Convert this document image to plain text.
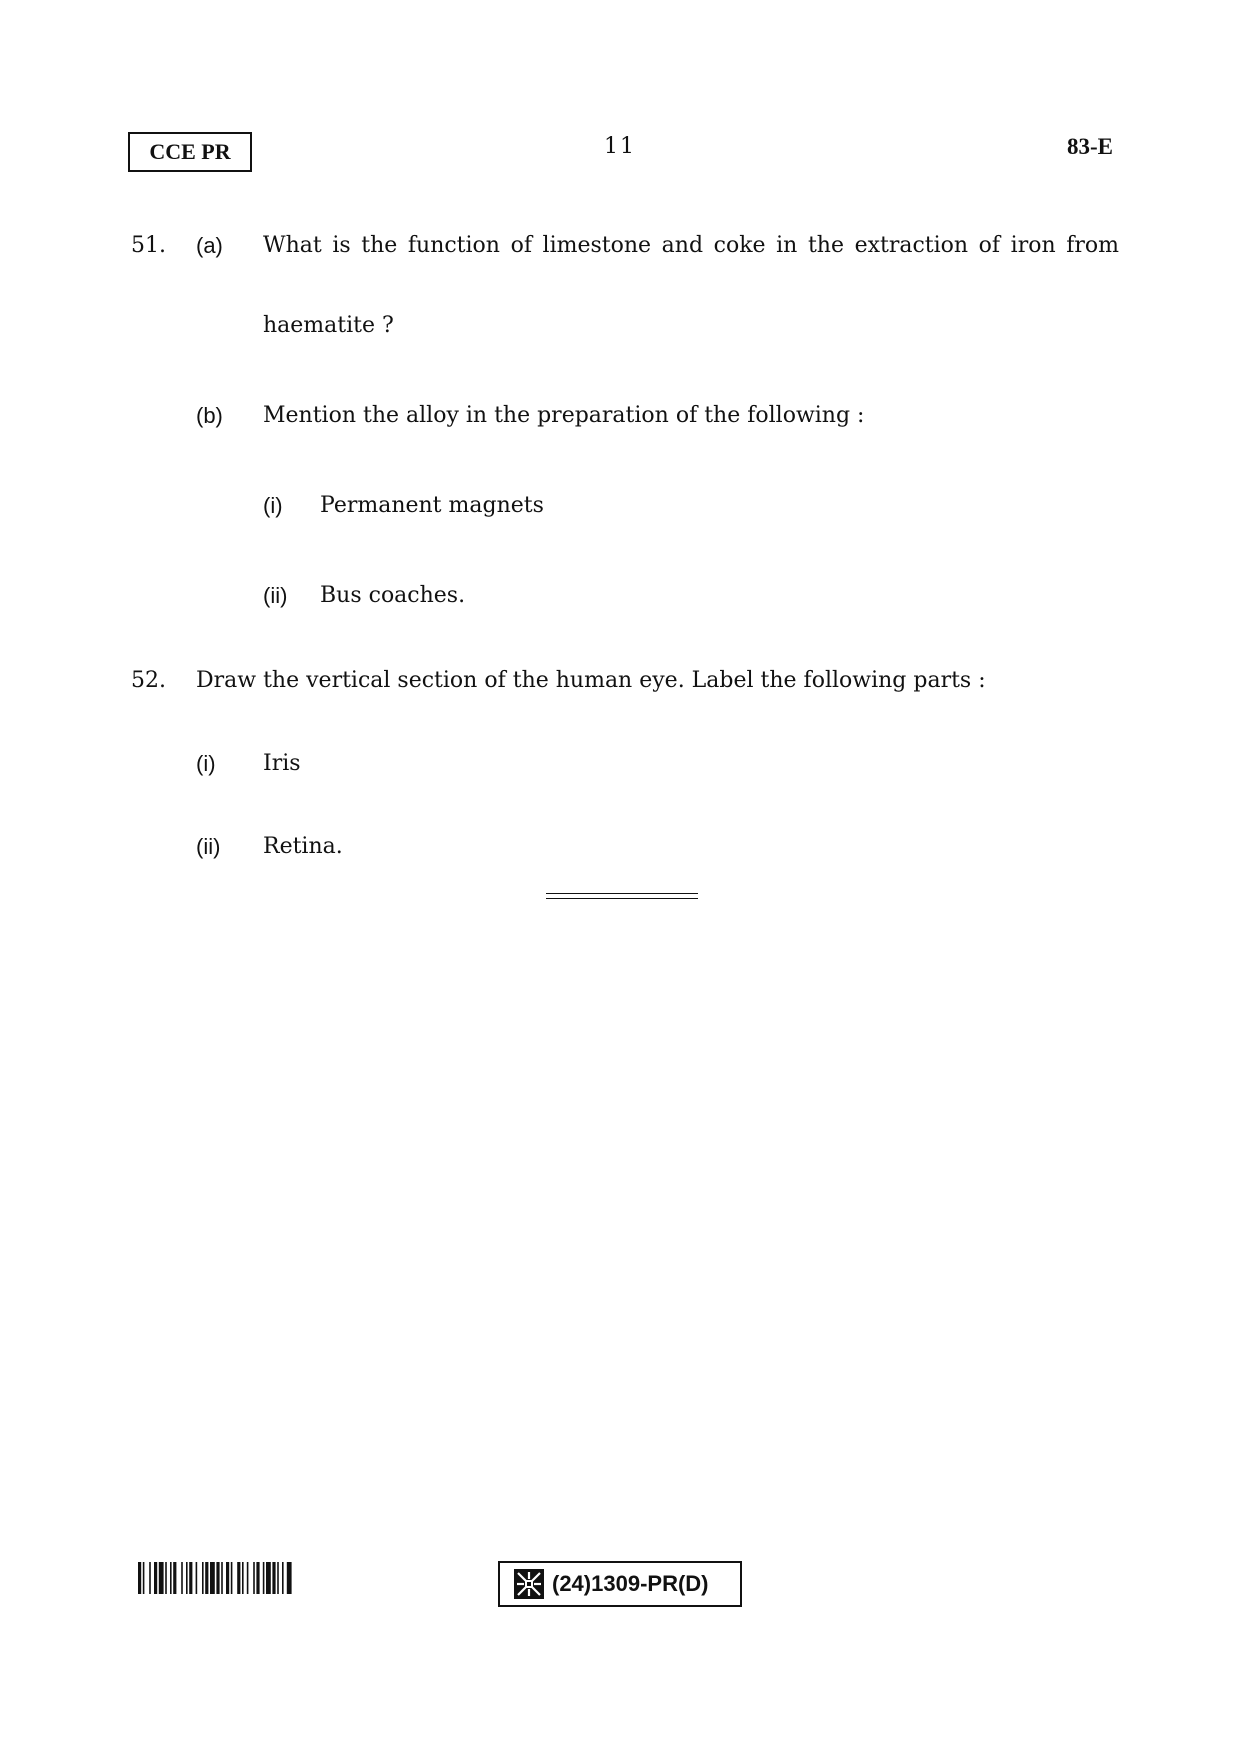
CCE PR	11	83-E
51. (a) What is the function of limestone and coke in the extraction of iron from
haematite ?
(b) Mention the alloy in the preparation of the following :
(i) Permanent magnets
(ii) Bus coaches.
52. Draw the vertical section of the human eye. Label the following parts :
(i) Iris
(ii) Retina.
(24)1309-PR(D)
